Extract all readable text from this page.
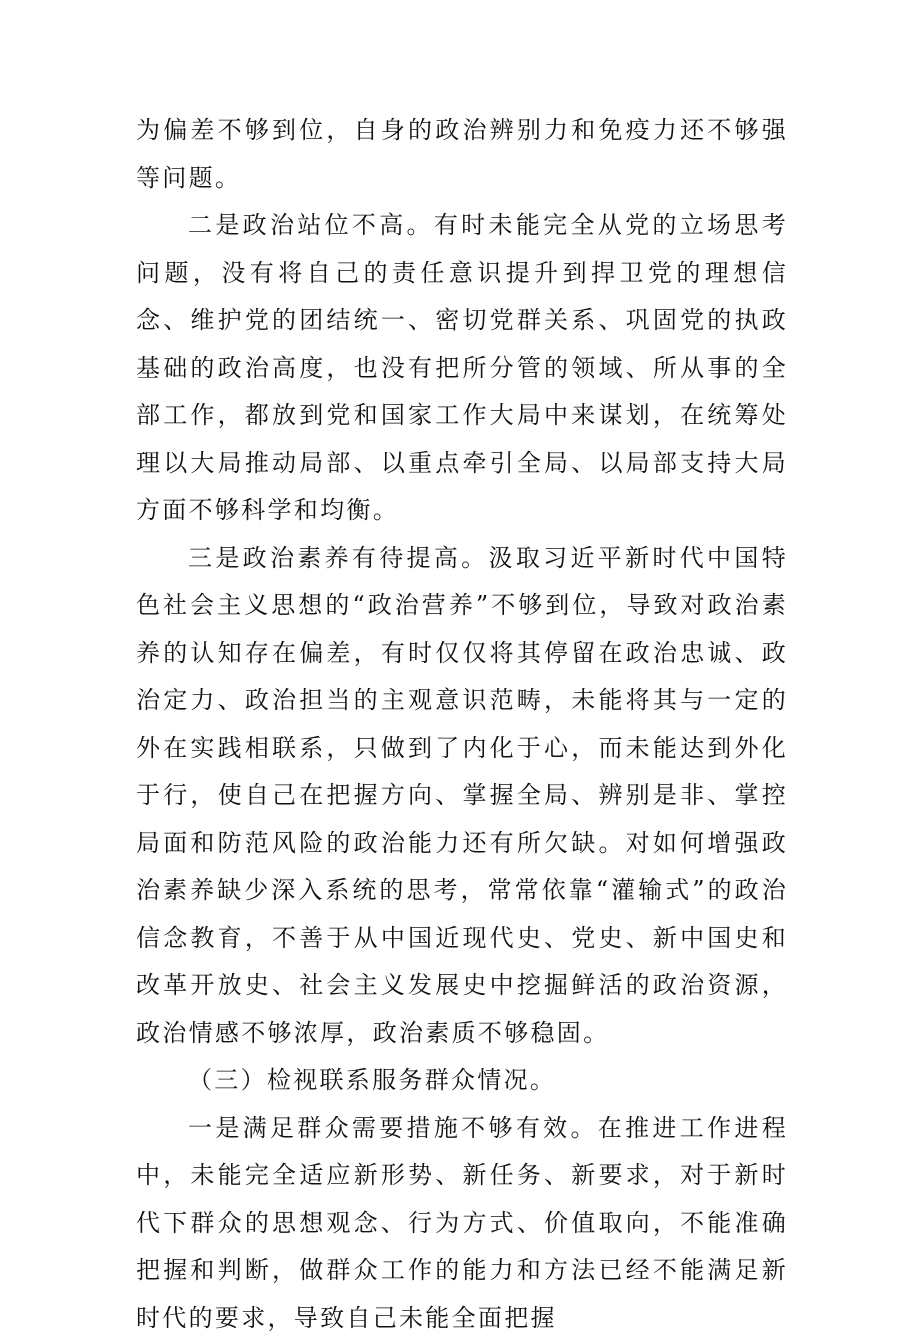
为偏差不够到位，自身的政治辨别力和免疫力还不够强等问题。

二是政治站位不高。有时未能完全从党的立场思考问题，没有将自己的责任意识提升到捍卫党的理想信念、维护党的团结统一、密切党群关系、巩固党的执政基础的政治高度，也没有把所分管的领域、所从事的全部工作，都放到党和国家工作大局中来谋划，在统筹处理以大局推动局部、以重点牵引全局、以局部支持大局方面不够科学和均衡。

三是政治素养有待提高。汲取习近平新时代中国特色社会主义思想的“政治营养”不够到位，导致对政治素养的认知存在偏差，有时仅仅将其停留在政治忠诚、政治定力、政治担当的主观意识范畴，未能将其与一定的外在实践相联系，只做到了内化于心，而未能达到外化于行，使自己在把握方向、掌握全局、辨别是非、掌控局面和防范风险的政治能力还有所欠缺。对如何增强政治素养缺少深入系统的思考，常常依靠“灌输式”的政治信念教育，不善于从中国近现代史、党史、新中国史和改革开放史、社会主义发展史中挖掘鲜活的政治资源，政治情感不够浓厚，政治素质不够稳固。

（三）检视联系服务群众情况。

一是满足群众需要措施不够有效。在推进工作进程中，未能完全适应新形势、新任务、新要求，对于新时代下群众的思想观念、行为方式、价值取向，不能准确把握和判断，做群众工作的能力和方法已经不能满足新时代的要求，导致自己未能全面把握
